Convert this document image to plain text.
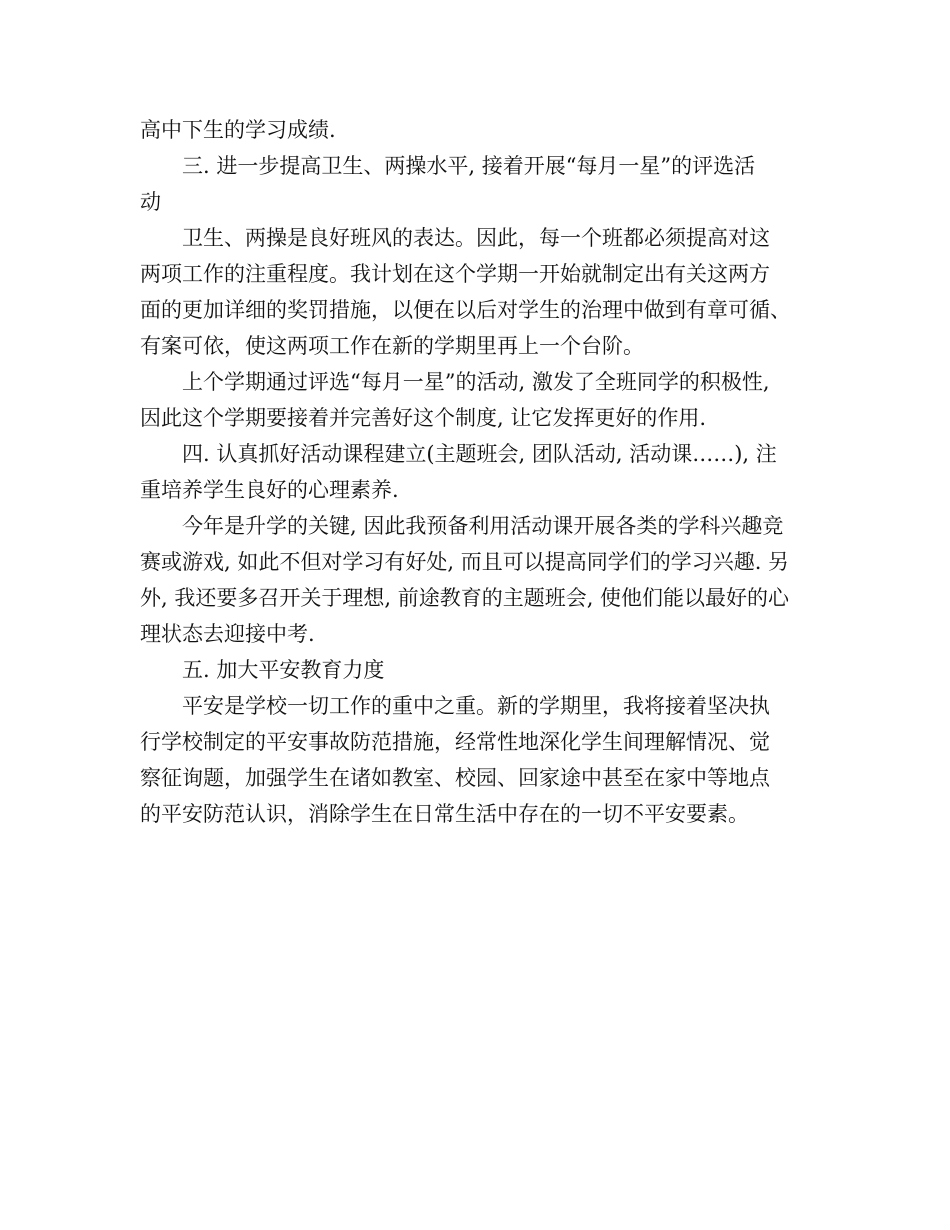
高中下生的学习成绩.
三. 进一步提高卫生、两操水平, 接着开展“每月一星”的评选活
动
卫生、两操是良好班风的表达。因此，每一个班都必须提高对这
两项工作的注重程度。我计划在这个学期一开始就制定出有关这两方
面的更加详细的奖罚措施，以便在以后对学生的治理中做到有章可循、
有案可依，使这两项工作在新的学期里再上一个台阶。
上个学期通过评选“每月一星”的活动, 激发了全班同学的积极性,
因此这个学期要接着并完善好这个制度, 让它发挥更好的作用.
四. 认真抓好活动课程建立(主题班会, 团队活动, 活动课……), 注
重培养学生良好的心理素养.
今年是升学的关键, 因此我预备利用活动课开展各类的学科兴趣竞
赛或游戏, 如此不但对学习有好处, 而且可以提高同学们的学习兴趣. 另
外, 我还要多召开关于理想, 前途教育的主题班会, 使他们能以最好的心
理状态去迎接中考.
五. 加大平安教育力度
平安是学校一切工作的重中之重。新的学期里，我将接着坚决执
行学校制定的平安事故防范措施，经常性地深化学生间理解情况、觉
察征询题，加强学生在诸如教室、校园、回家途中甚至在家中等地点
的平安防范认识，消除学生在日常生活中存在的一切不平安要素。
